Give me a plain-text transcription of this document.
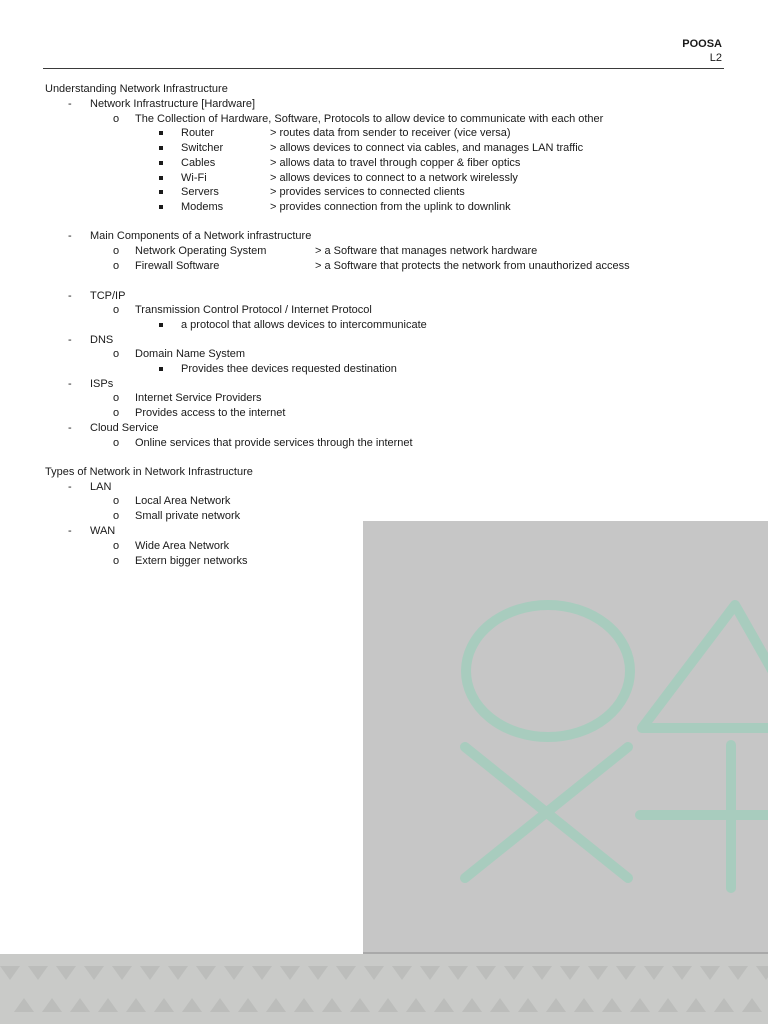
POOSA
L2
Understanding Network Infrastructure
- Network Infrastructure [Hardware]
o The Collection of Hardware, Software, Protocols to allow device to communicate with each other
Router	> routes data from sender to receiver (vice versa)
Switcher	> allows devices to connect via cables, and manages LAN traffic
Cables	> allows data to travel through copper & fiber optics
Wi-Fi	> allows devices to connect to a network wirelessly
Servers	> provides services to connected clients
Modems	> provides connection from the uplink to downlink
- Main Components of a Network infrastructure
o Network Operating System	> a Software that manages network hardware
o Firewall Software	> a Software that protects the network from unauthorized access
- TCP/IP
o Transmission Control Protocol / Internet Protocol
a protocol that allows devices to intercommunicate
- DNS
o Domain Name System
Provides thee devices requested destination
- ISPs
o Internet Service Providers
o Provides access to the internet
- Cloud Service
o Online services that provide services through the internet
Types of Network in Network Infrastructure
- LAN
o Local Area Network
o Small private network
- WAN
o Wide Area Network
o Extern bigger networks
